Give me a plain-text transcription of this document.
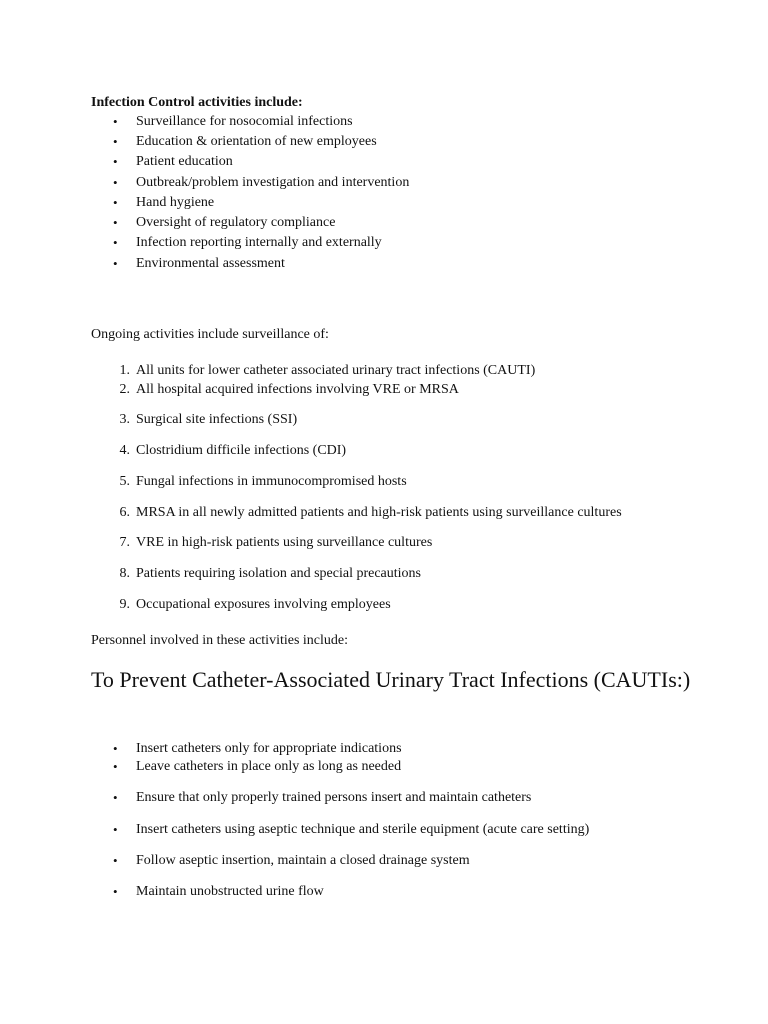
Infection Control activities include:
• Surveillance for nosocomial infections
• Education & orientation of new employees
• Patient education
• Outbreak/problem investigation and intervention
• Hand hygiene
• Oversight of regulatory compliance
• Infection reporting internally and externally
• Environmental assessment
Ongoing activities include surveillance of:
1. All units for lower catheter associated urinary tract infections (CAUTI)
2. All hospital acquired infections involving VRE or MRSA
3. Surgical site infections (SSI)
4. Clostridium difficile infections (CDI)
5. Fungal infections in immunocompromised hosts
6. MRSA in all newly admitted patients and high-risk patients using surveillance cultures
7. VRE in high-risk patients using surveillance cultures
8. Patients requiring isolation and special precautions
9. Occupational exposures involving employees
Personnel involved in these activities include:
To Prevent Catheter-Associated Urinary Tract Infections (CAUTIs:)
• Insert catheters only for appropriate indications
• Leave catheters in place only as long as needed
• Ensure that only properly trained persons insert and maintain catheters
• Insert catheters using aseptic technique and sterile equipment (acute care setting)
• Follow aseptic insertion, maintain a closed drainage system
• Maintain unobstructed urine flow
